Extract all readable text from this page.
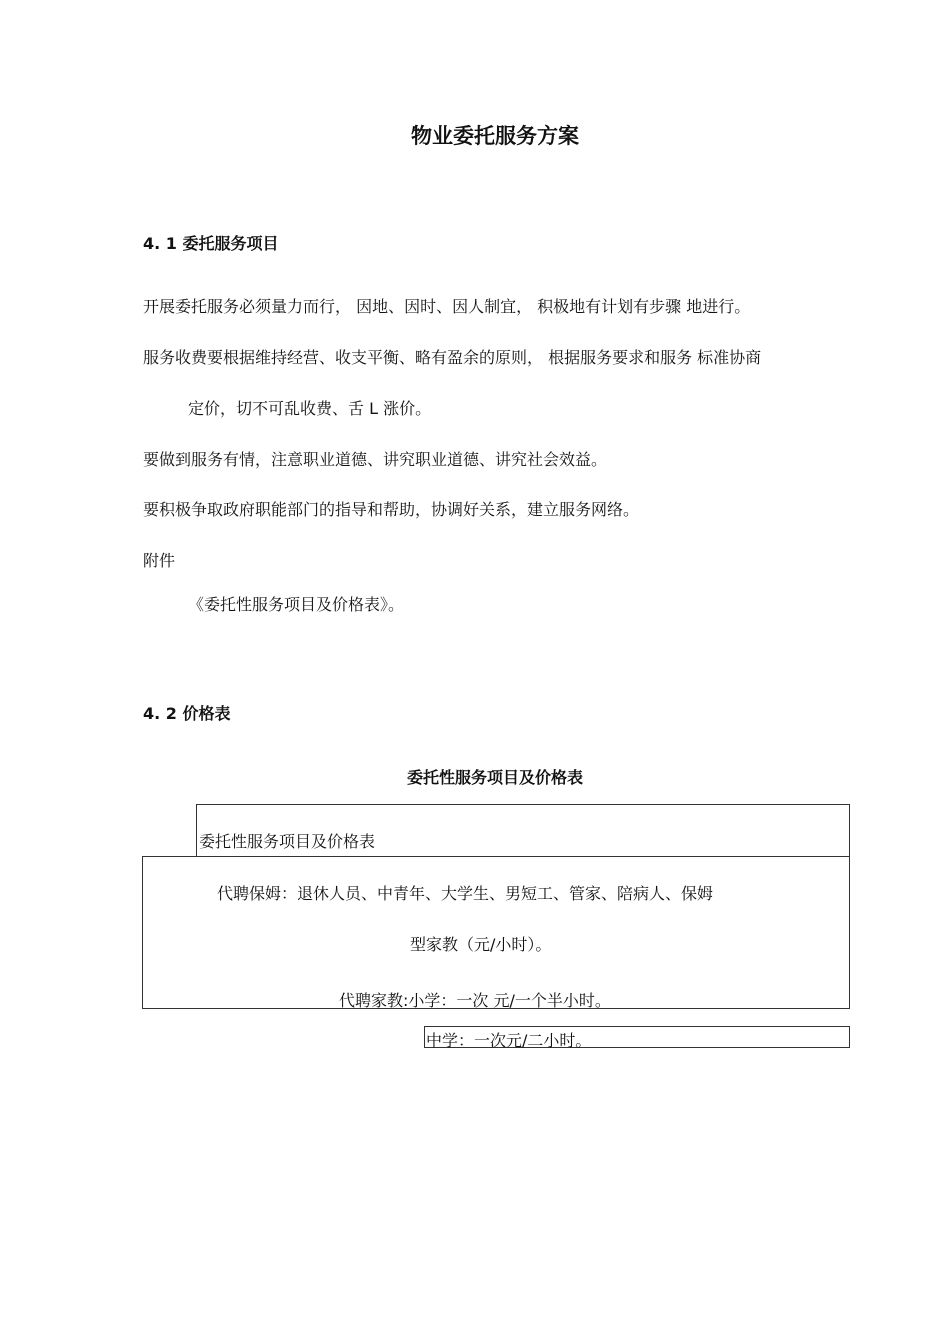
物业委托服务方案
4. 1 委托服务项目
开展委托服务必须量力而行， 因地、因时、因人制宜， 积极地有计划有步骤 地进行。
服务收费要根据维持经营、收支平衡、略有盈余的原则， 根据服务要求和服务 标准协商
定价，切不可乱收费、舌 L 涨价。
要做到服务有情，注意职业道德、讲究职业道德、讲究社会效益。
要积极争取政府职能部门的指导和帮助，协调好关系，建立服务网络。
附件
《委托性服务项目及价格表》。
4. 2 价格表
委托性服务项目及价格表
委托性服务项目及价格表
代聘保姆：退休人员、中青年、大学生、男短工、管家、陪病人、保姆
型家教（元/小时）。
代聘家教:小学：一次 元/一个半小时。
中学：一次元/二小时。
